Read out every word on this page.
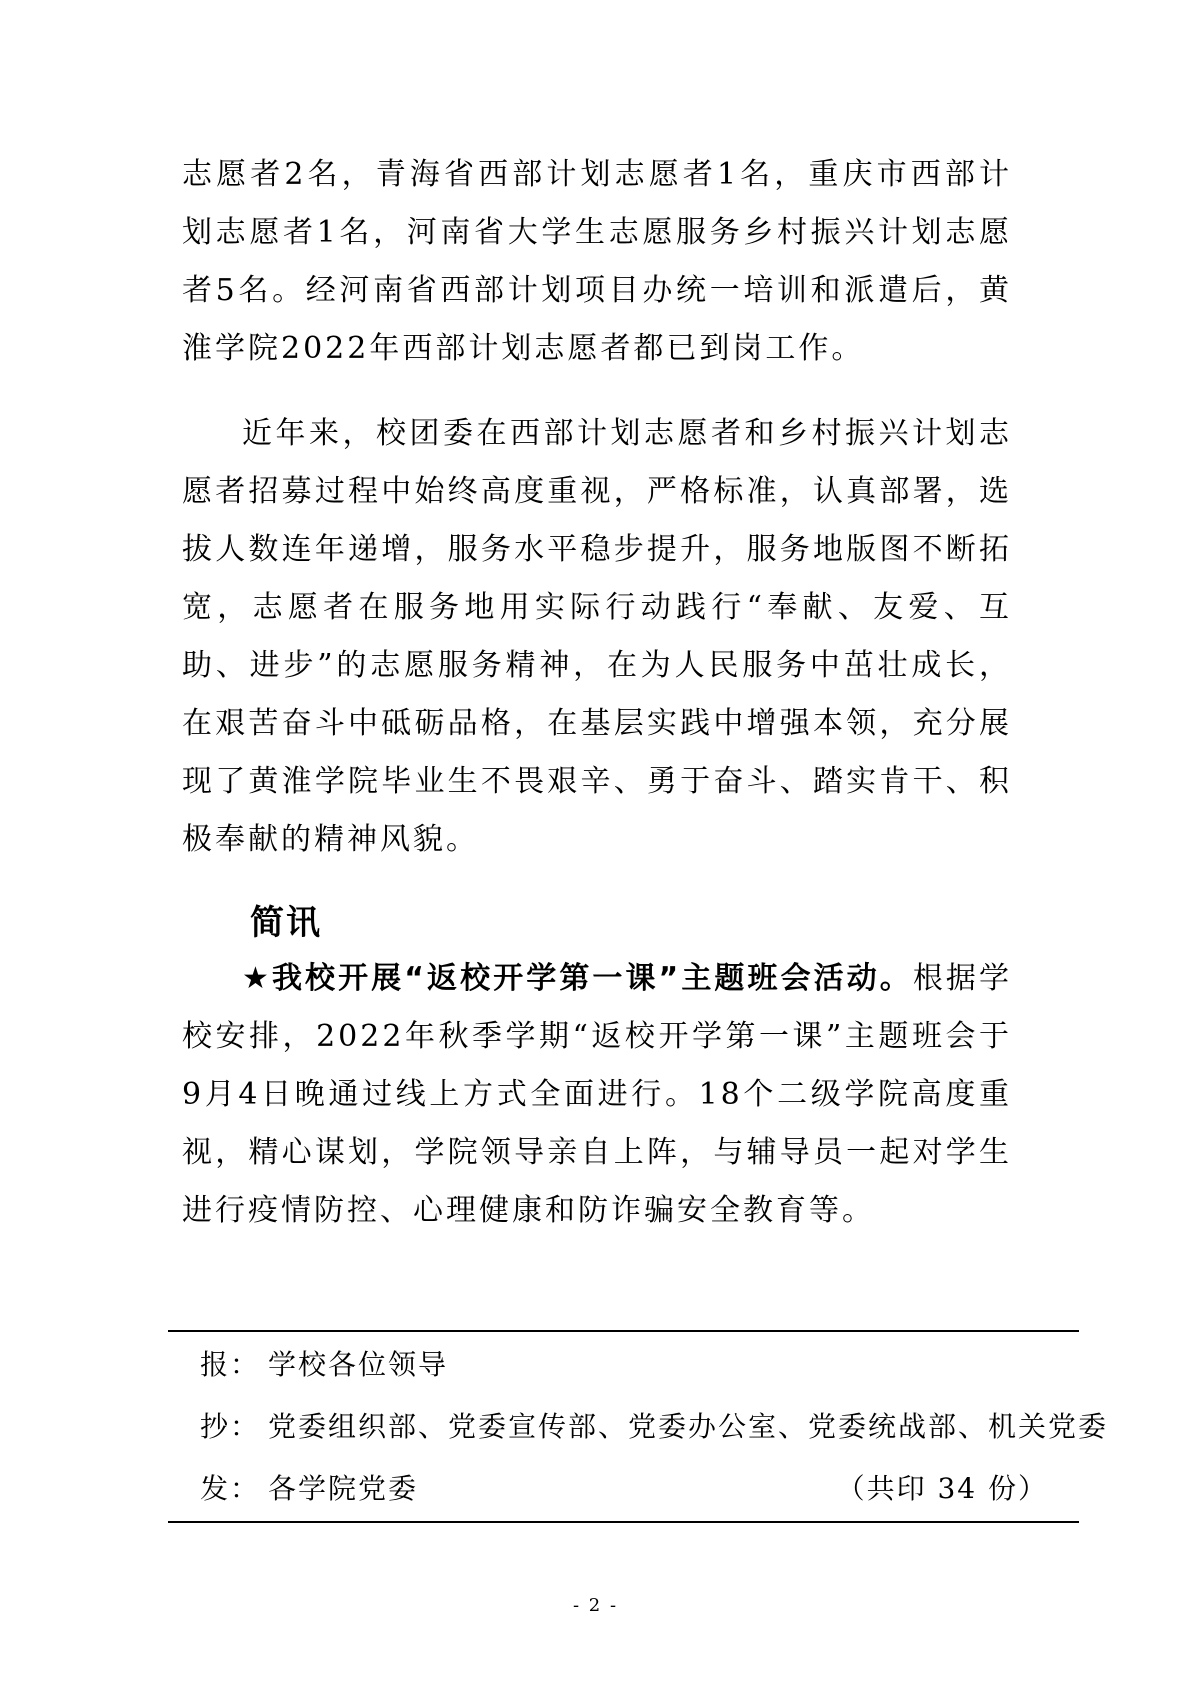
志愿者2名，青海省西部计划志愿者1名，重庆市西部计划志愿者1名，河南省大学生志愿服务乡村振兴计划志愿者5名。经河南省西部计划项目办统一培训和派遣后，黄淮学院2022年西部计划志愿者都已到岗工作。

近年来，校团委在西部计划志愿者和乡村振兴计划志愿者招募过程中始终高度重视，严格标准，认真部署，选拔人数连年递增，服务水平稳步提升，服务地版图不断拓宽，志愿者在服务地用实际行动践行“奉献、友爱、互助、进步”的志愿服务精神，在为人民服务中茁壮成长，在艰苦奋斗中砥砺品格，在基层实践中增强本领，充分展现了黄淮学院毕业生不畏艰辛、勇于奋斗、踏实肯干、积极奉献的精神风貌。

简讯

★我校开展“返校开学第一课”主题班会活动。根据学校安排，2022年秋季学期“返校开学第一课”主题班会于9月4日晚通过线上方式全面进行。18个二级学院高度重视，精心谋划，学院领导亲自上阵，与辅导员一起对学生进行疫情防控、心理健康和防诈骗安全教育等。

报： 学校各位领导
抄： 党委组织部、党委宣传部、党委办公室、党委统战部、机关党委
发： 各学院党委	（共印 34 份）
- 2 -
